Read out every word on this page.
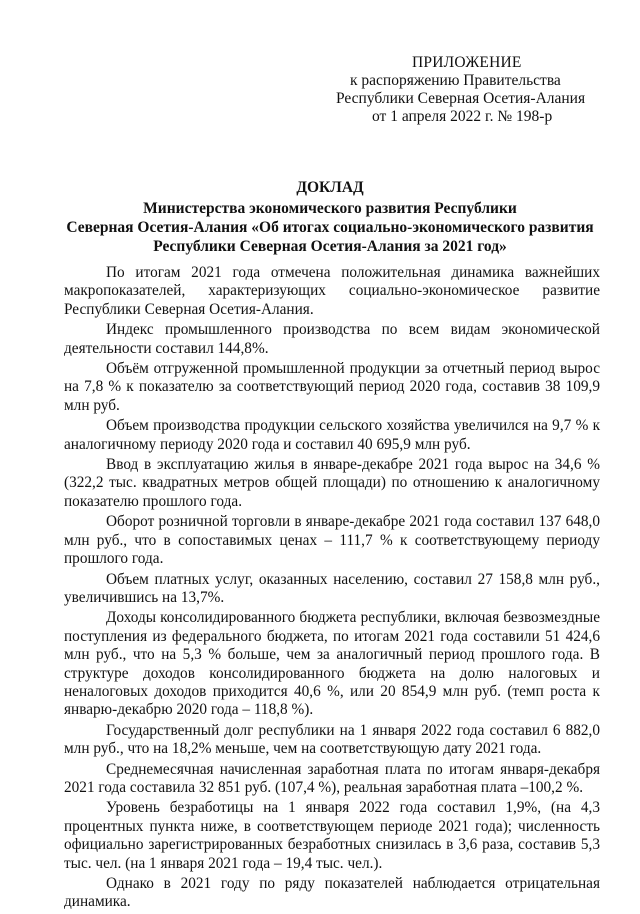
ПРИЛОЖЕНИЕ
к распоряжению Правительства
Республики Северная Осетия-Алания
от 1 апреля 2022 г. № 198-р
ДОКЛАД
Министерства экономического развития Республики
Северная Осетия-Алания «Об итогах социально-экономического развития
Республики Северная Осетия-Алания за 2021 год»

По итогам 2021 года отмечена положительная динамика важнейших макропоказателей, характеризующих социально-экономическое развитие Республики Северная Осетия-Алания.

Индекс промышленного производства по всем видам экономической деятельности составил 144,8%.

Объём отгруженной промышленной продукции за отчетный период вырос на 7,8 % к показателю за соответствующий период 2020 года, составив 38 109,9 млн руб.

Объем производства продукции сельского хозяйства увеличился на 9,7 % к аналогичному периоду 2020 года и составил 40 695,9 млн руб.

Ввод в эксплуатацию жилья в январе-декабре 2021 года вырос на 34,6 % (322,2 тыс. квадратных метров общей площади) по отношению к аналогичному показателю прошлого года.

Оборот розничной торговли в январе-декабре 2021 года составил 137 648,0 млн руб., что в сопоставимых ценах – 111,7 % к соответствующему периоду прошлого года.

Объем платных услуг, оказанных населению, составил 27 158,8 млн руб., увеличившись на 13,7%.

Доходы консолидированного бюджета республики, включая безвозмездные поступления из федерального бюджета, по итогам 2021 года составили 51 424,6 млн руб., что на 5,3 % больше, чем за аналогичный период прошлого года. В структуре доходов консолидированного бюджета на долю налоговых и неналоговых доходов приходится 40,6 %, или 20 854,9 млн руб. (темп роста к январю-декабрю 2020 года – 118,8 %).

Государственный долг республики на 1 января 2022 года составил 6 882,0 млн руб., что на 18,2% меньше, чем на соответствующую дату 2021 года.

Среднемесячная начисленная заработная плата по итогам января-декабря 2021 года составила 32 851 руб. (107,4 %), реальная заработная плата –100,2 %.

Уровень безработицы на 1 января 2022 года составил 1,9%, (на 4,3 процентных пункта ниже, в соответствующем периоде 2021 года); численность официально зарегистрированных безработных снизилась в 3,6 раза, составив 5,3 тыс. чел. (на 1 января 2021 года – 19,4 тыс. чел.).

Однако в 2021 году по ряду показателей наблюдается отрицательная динамика.
